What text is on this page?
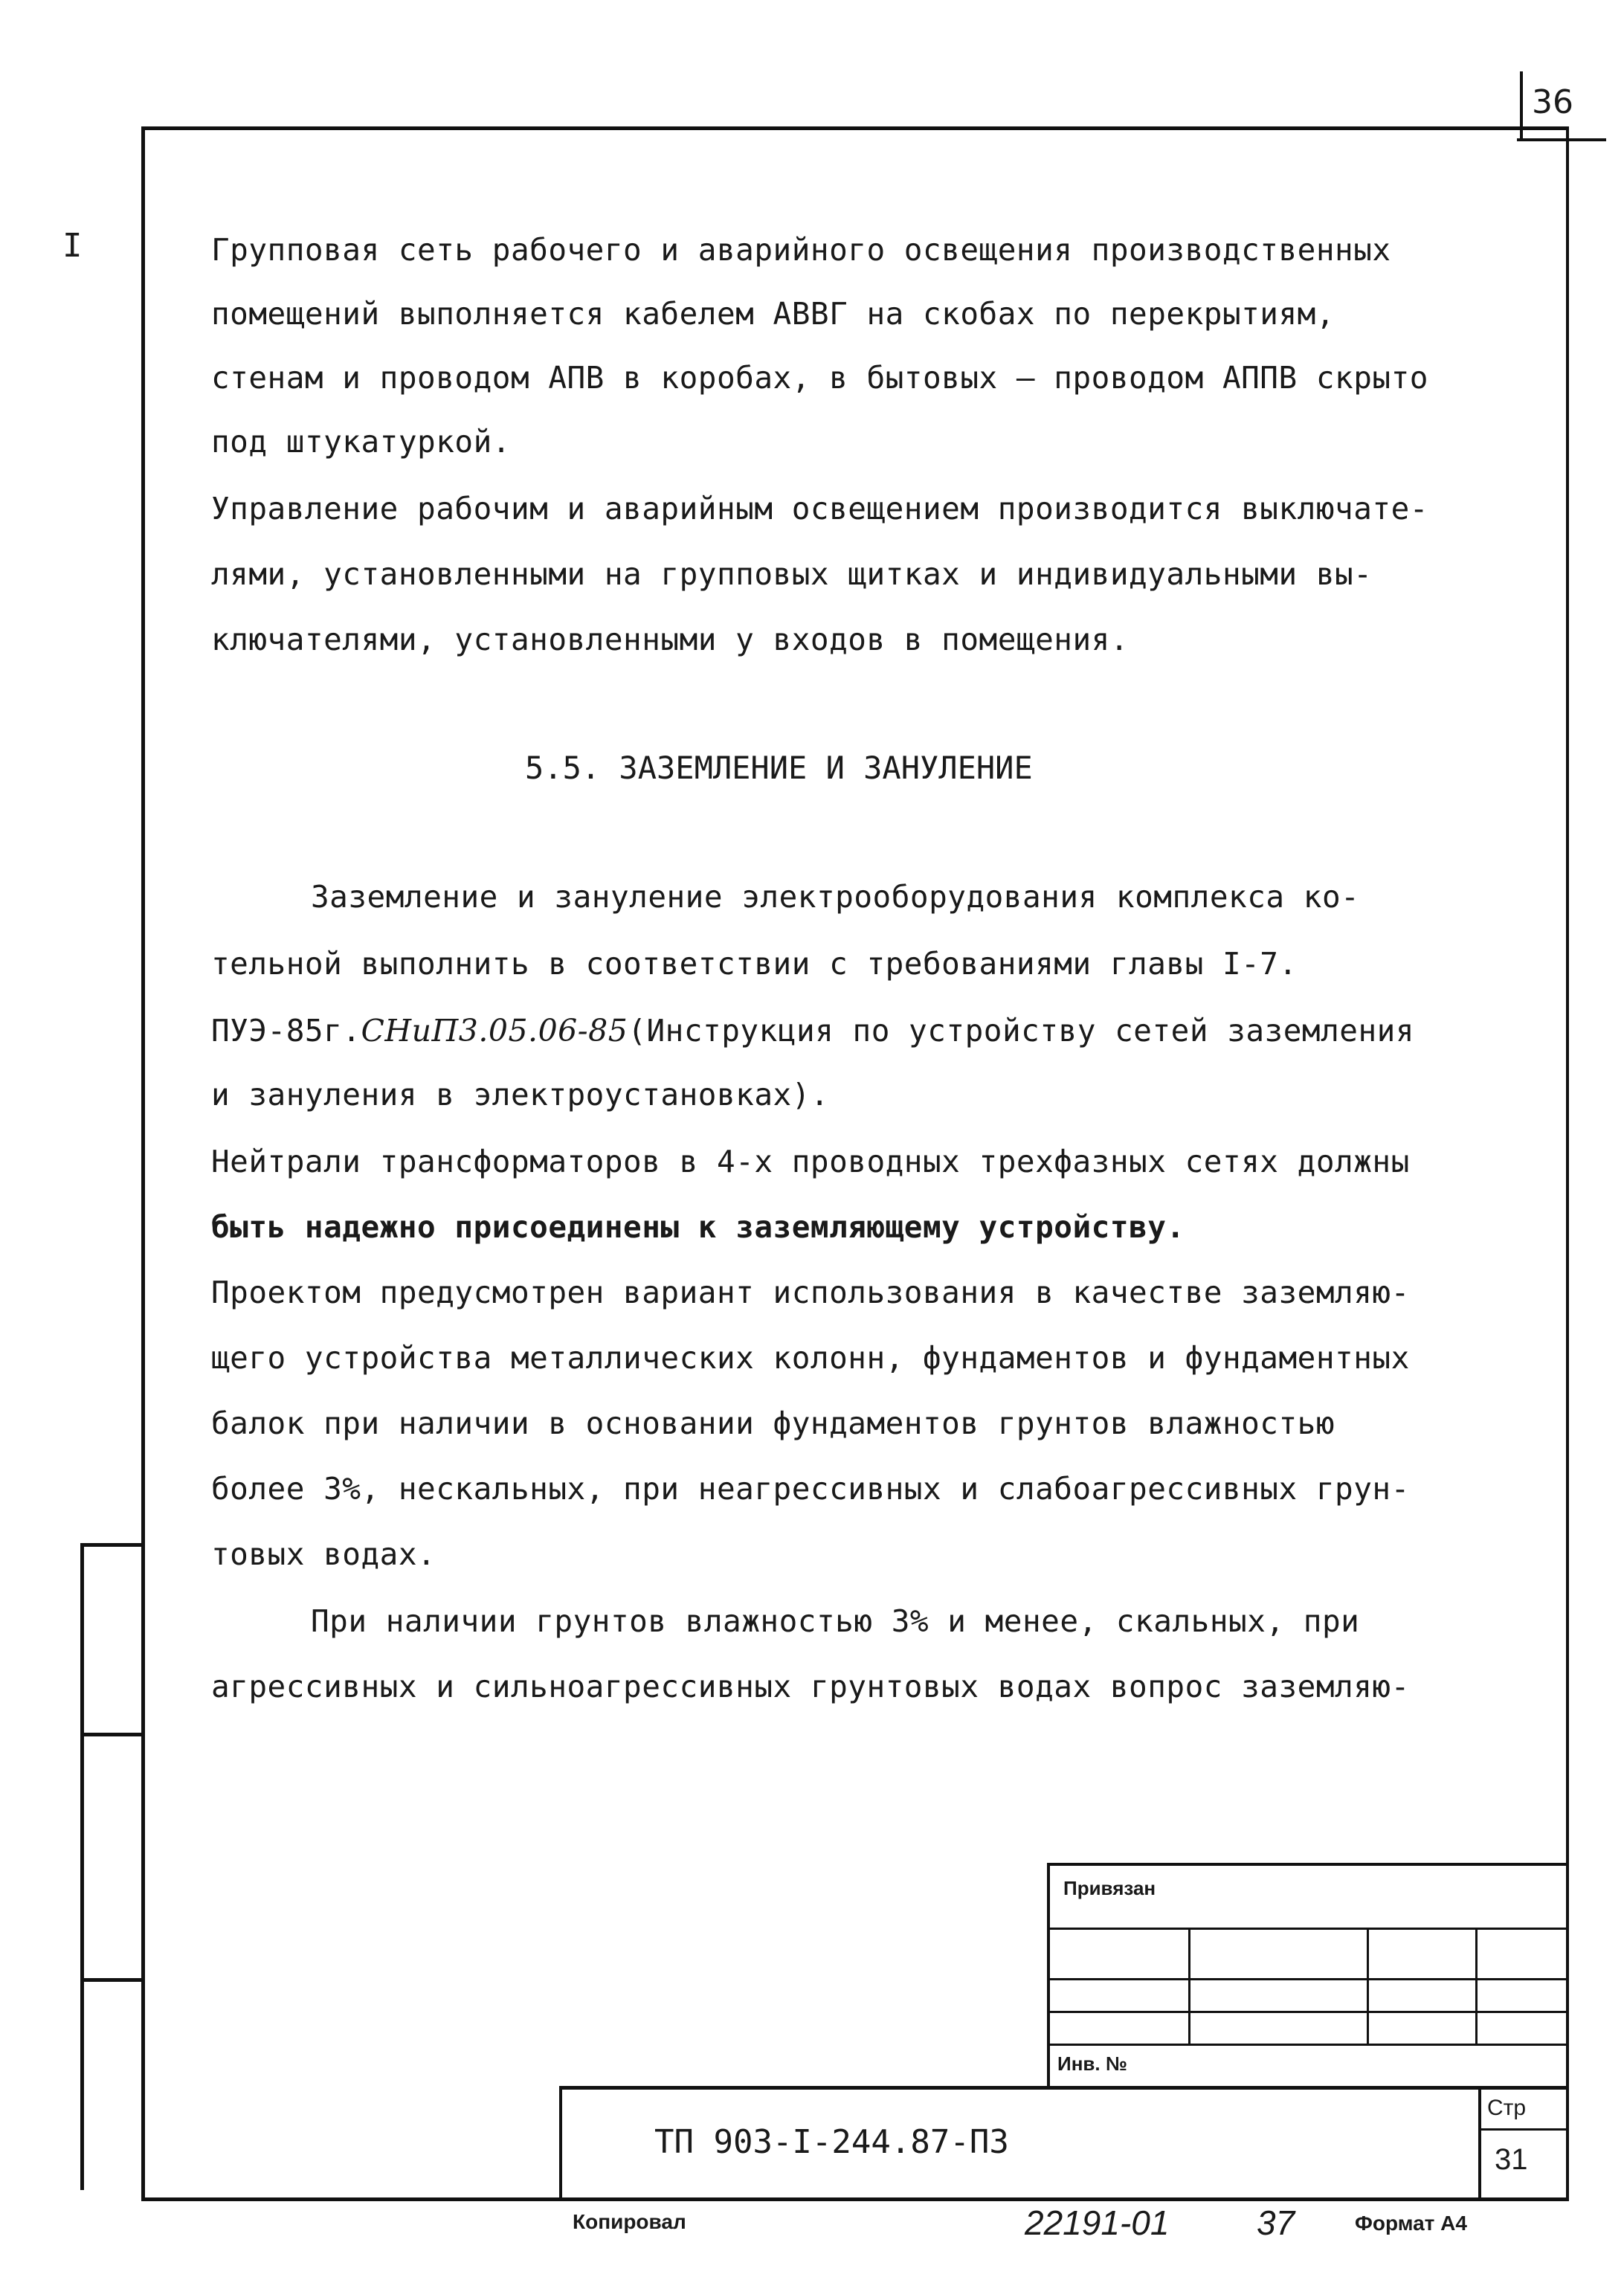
36
I	Групповая сеть рабочего и аварийного освещения производственных
помещений выполняется кабелем АВВГ на скобах по перекрытиям,
стенам и проводом АПВ в коробах, в бытовых – проводом АППВ скрыто
под штукатуркой.
Управление рабочим и аварийным освещением производится выключате-
лями, установленными на групповых щитках и индивидуальными вы-
ключателями, установленными у входов в помещения.
5.5. ЗАЗЕМЛЕНИЕ И ЗАНУЛЕНИЕ
Заземление и зануление электрооборудования комплекса ко-
тельной выполнить в соответствии с требованиями главы I-7.
ПУЭ-85г.СНиП3.05.06-85(Инструкция по устройству сетей заземления
и зануления в электроустановках).
Нейтрали трансформаторов в 4-х проводных трехфазных сетях должны
быть надежно присоединены к заземляющему устройству.
Проектом предусмотрен вариант использования в качестве заземляю-
щего устройства металлических колонн, фундаментов и фундаментных
балок при наличии в основании фундаментов грунтов влажностью
более 3%, нескальных, при неагрессивных и слабоагрессивных грун-
товых водах.
При наличии грунтов влажностью 3% и менее, скальных, при
агрессивных и сильноагрессивных грунтовых водах вопрос заземляю-
Привязан
Инв. №
ТП 903-I-244.87-ПЗ
Стр
31
Копировал	22191-01	37	Формат А4
